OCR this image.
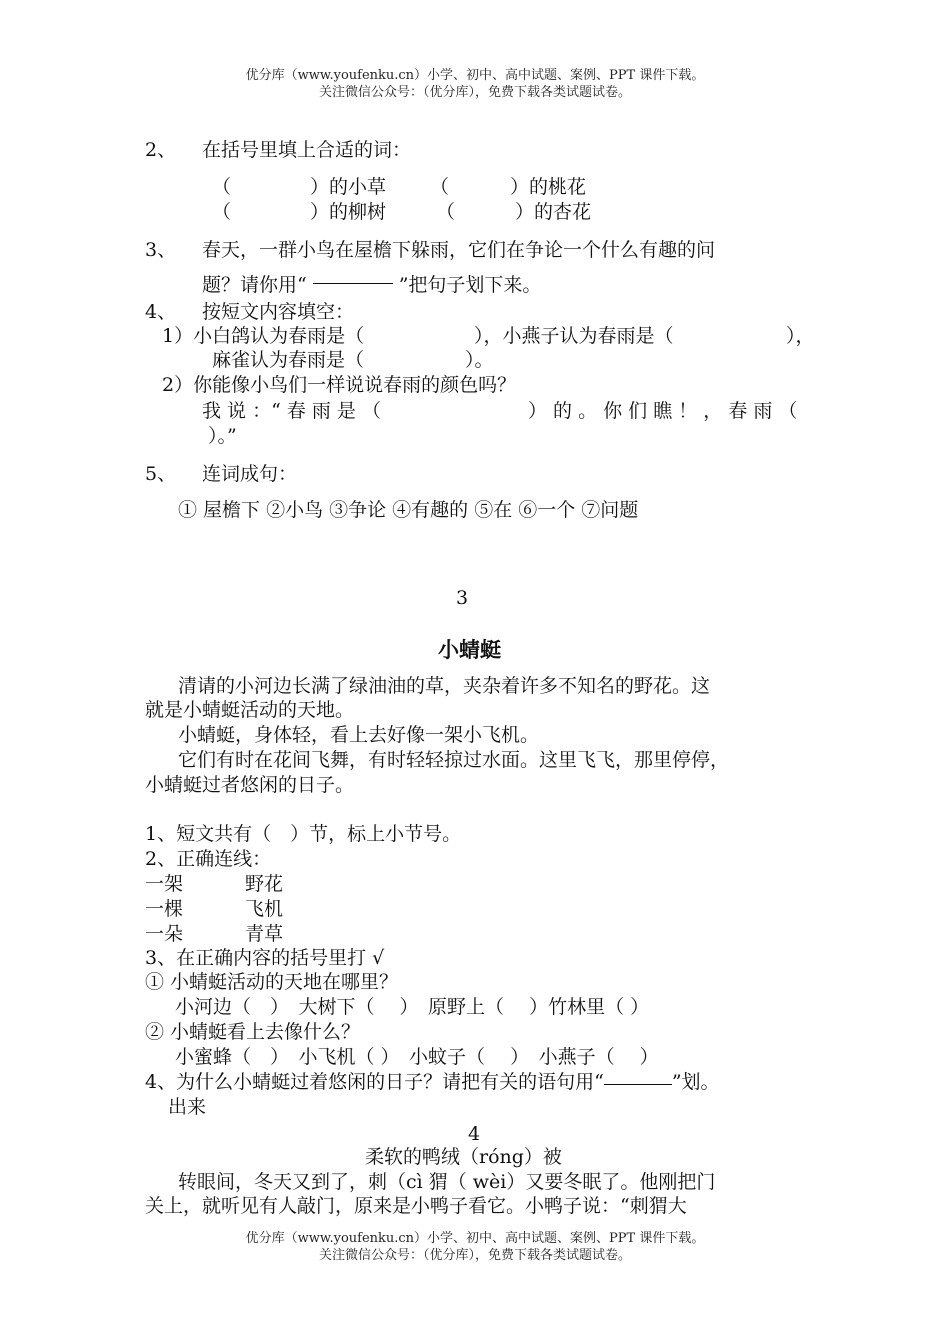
优分库（www.youfenku.cn）小学、初中、高中试题、案例、PPT 课件下载。
关注微信公众号：（优分库），免费下载各类试题试卷。
2、 在括号里填上合适的词：
（	）的小草 （	）的桃花
（	）的柳树	（	）的杏花
3、 春天，一群小鸟在屋檐下躲雨，它们在争论一个什么有趣的问
题？请你用“	”把句子划下来。
4、 按短文内容填空：
1）小白鸽认为春雨是（	），小燕子认为春雨是（	），
麻雀认为春雨是（	）。
2）你能像小鸟们一样说说春雨的颜色吗？
我 说 ：“ 春 雨 是 （	） 的 。 你 们 瞧 ！ ， 春 雨 （
）。”
5、 连词成句：
① 屋檐下 ②小鸟 ③争论 ④有趣的 ⑤在 ⑥一个 ⑦问题
3
小蜻蜓
清请的小河边长满了绿油油的草，夹杂着许多不知名的野花。这
就是小蜻蜓活动的天地。
小蜻蜓，身体轻，看上去好像一架小飞机。
它们有时在花间飞舞，有时轻轻掠过水面。这里飞飞，那里停停，
小蜻蜓过者悠闲的日子。
1、短文共有（　）节，标上小节号。
2、正确连线：
一架	野花
一棵	飞机
一朵	青草
3、在正确内容的括号里打 √
① 小蜻蜓活动的天地在哪里？
小河边（　）　大树下（　 ）　原野上（　 ）竹林里（ ）
② 小蜻蜓看上去像什么？
小蜜蜂（　）　小飞机（ ）　小蚊子（　 ）　小燕子（　 ）
4、为什么小蜻蜓过着悠闲的日子？请把有关的语句用“	”划。
出来
4
柔软的鸭绒（róng）被
转眼间，冬天又到了，刺（cì 猬（ wèi）又要冬眠了。他刚把门
关上，就听见有人敲门，原来是小鸭子看它。小鸭子说：“刺猬大
优分库（www.youfenku.cn）小学、初中、高中试题、案例、PPT 课件下载。
关注微信公众号：（优分库），免费下载各类试题试卷。
